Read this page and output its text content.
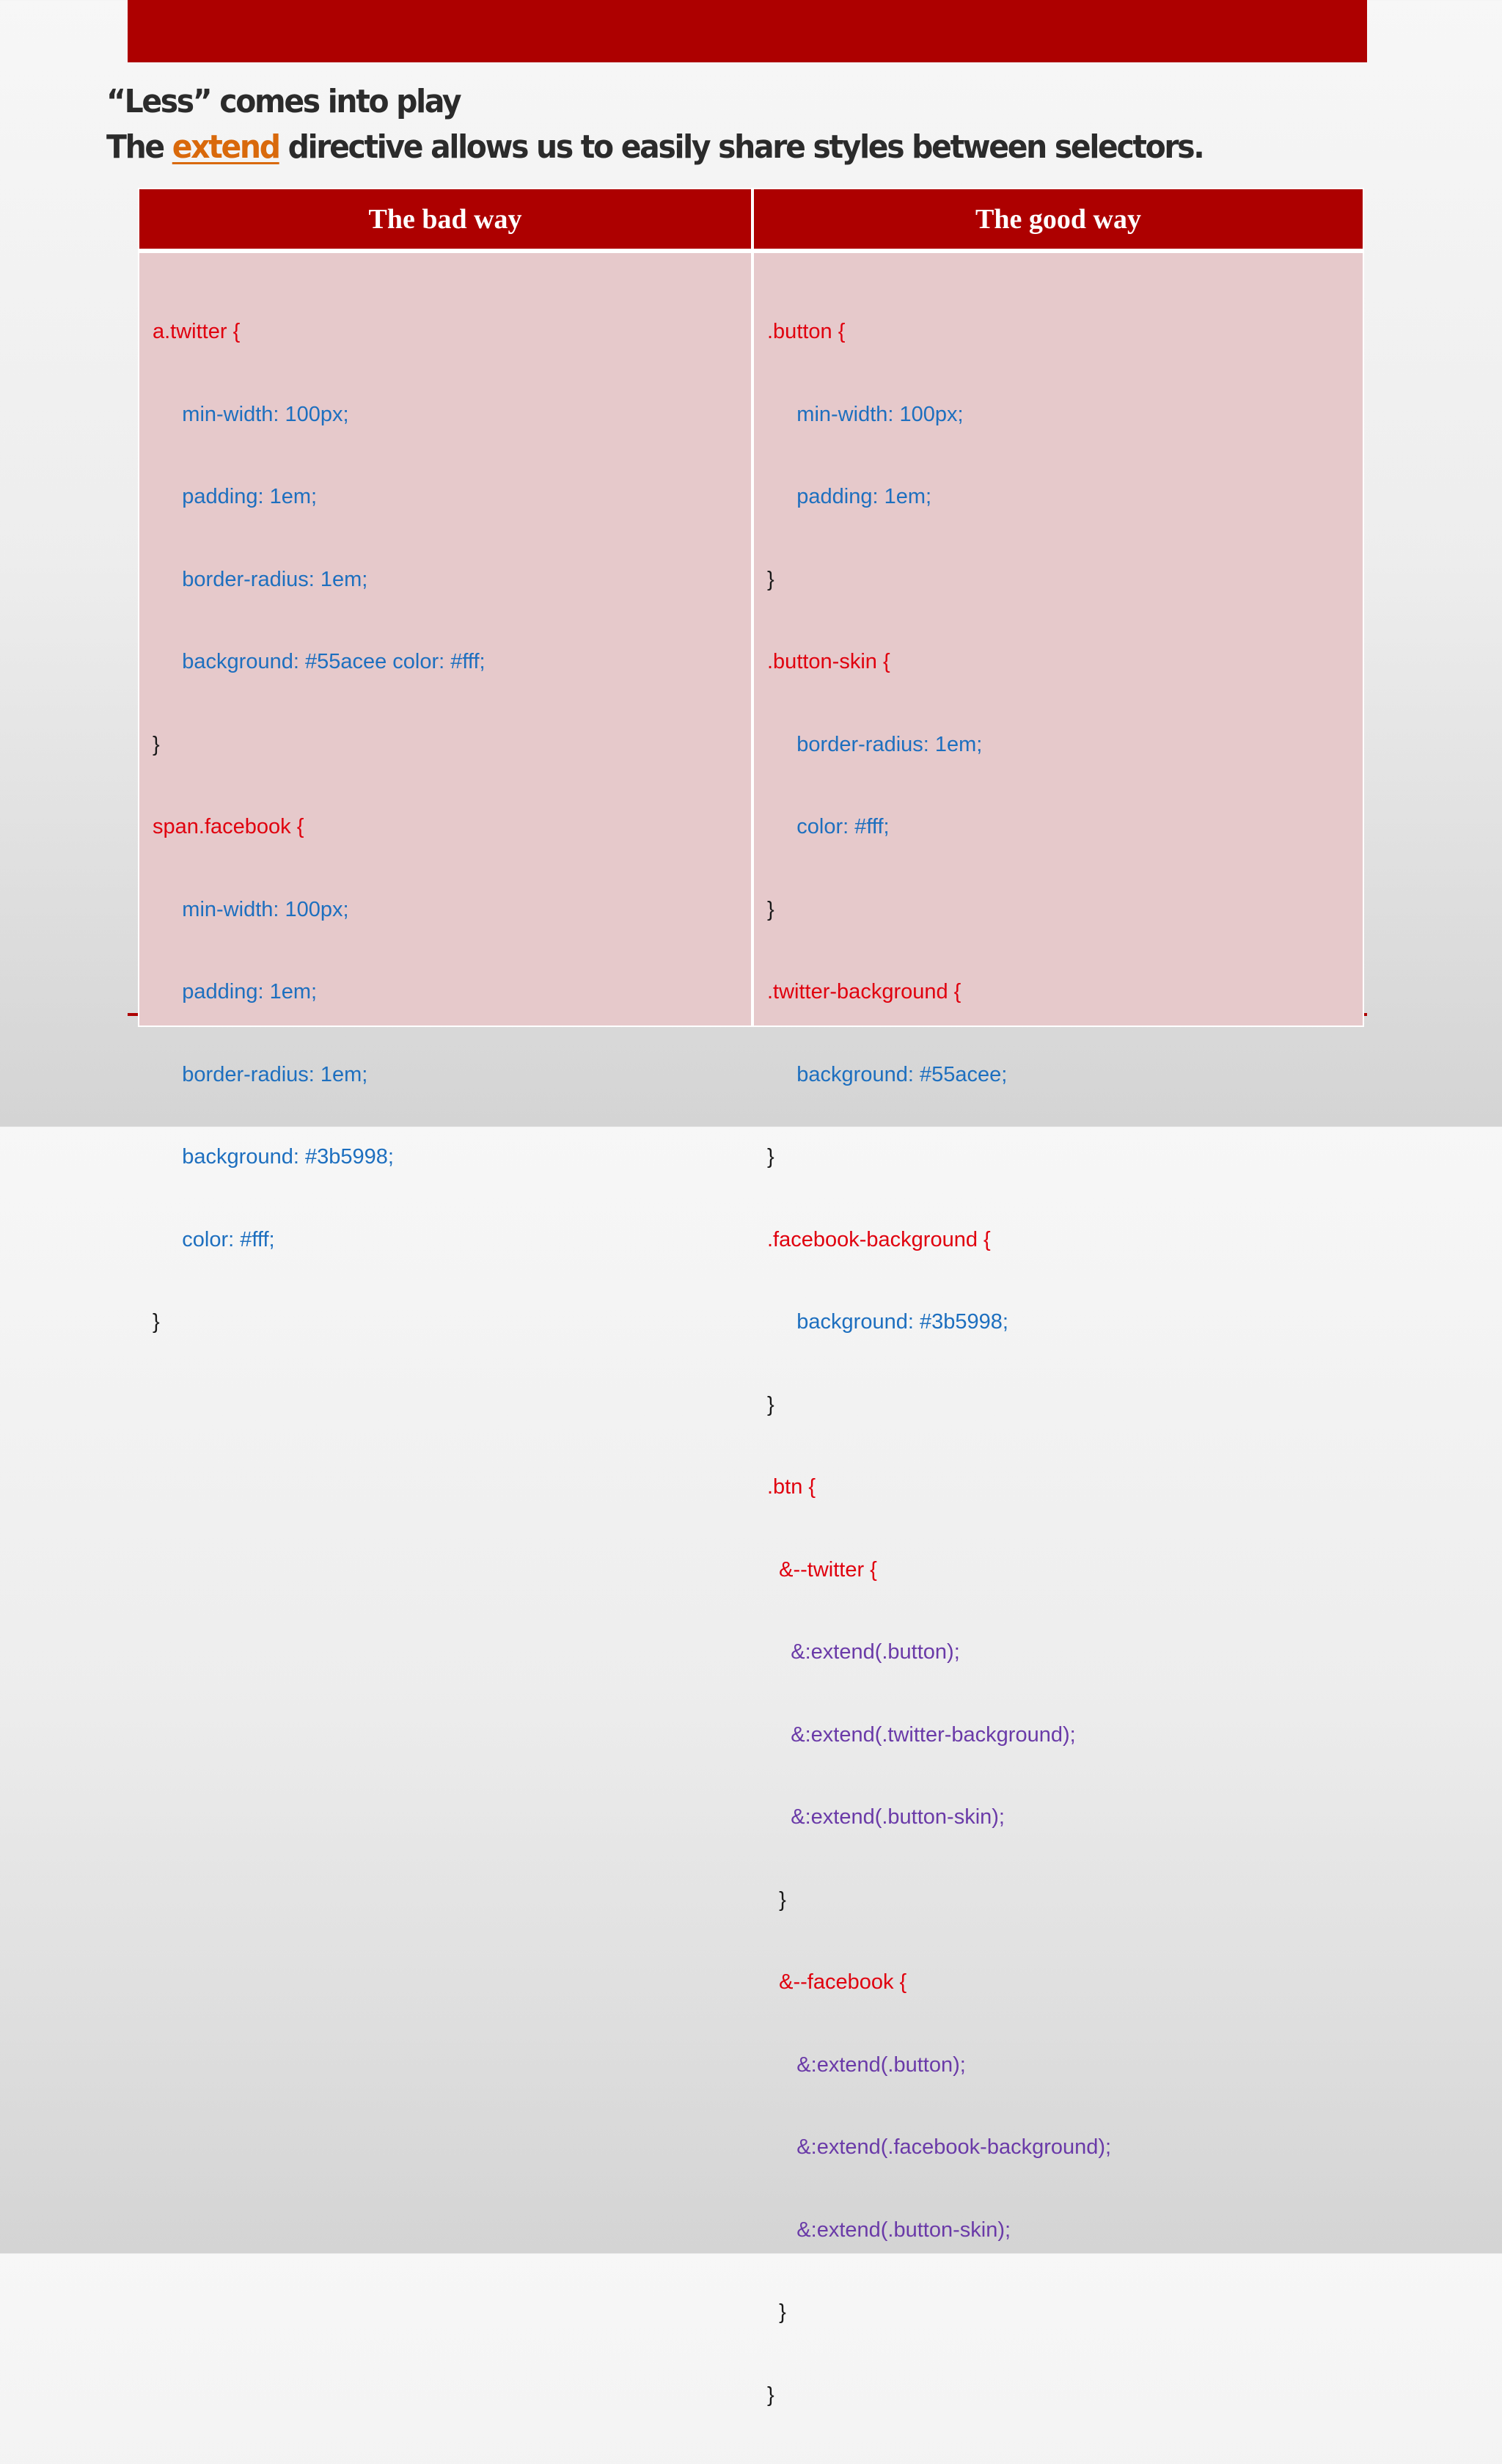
“Less” comes into play
The extend directive allows us to easily share styles between selectors.
The bad way	The good way

a.twitter {

min-width: 100px;

padding: 1em;

border-radius: 1em;

background: #55acee color: #fff;

}

span.facebook {

min-width: 100px;

padding: 1em;

border-radius: 1em;

background: #3b5998;

color: #fff;

}

.button {

min-width: 100px;

padding: 1em;

}

.button-skin {

border-radius: 1em;

color: #fff;

}

.twitter-background {

background: #55acee;

}

.facebook-background {

background: #3b5998;

}

.btn {

&--twitter {

&:extend(.button);

&:extend(.twitter-background);

&:extend(.button-skin);

}

&--facebook {

&:extend(.button);

&:extend(.facebook-background);

&:extend(.button-skin);

}

}
